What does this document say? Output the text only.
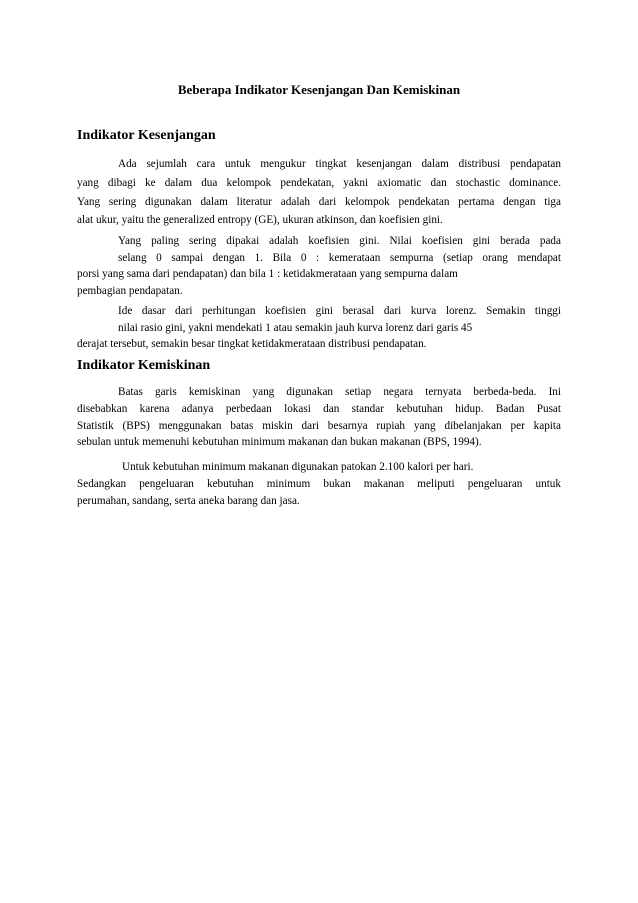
Beberapa Indikator Kesenjangan Dan Kemiskinan
Indikator Kesenjangan
Ada sejumlah cara untuk mengukur tingkat kesenjangan dalam distribusi pendapatan
yang dibagi ke dalam dua kelompok pendekatan, yakni axiomatic dan stochastic dominance.
Yang sering digunakan dalam literatur adalah dari kelompok pendekatan pertama dengan tiga
alat ukur, yaitu the generalized entropy (GE), ukuran atkinson, dan koefisien gini.
Yang paling sering dipakai adalah koefisien gini. Nilai koefisien gini berada pada
selang 0 sampai dengan 1. Bila 0 : kemerataan sempurna (setiap orang mendapat
porsi yang sama dari pendapatan) dan bila 1 : ketidakmerataan yang sempurna dalam
pembagian pendapatan.
Ide dasar dari perhitungan koefisien gini berasal dari kurva lorenz. Semakin tinggi
nilai rasio gini, yakni mendekati 1 atau semakin jauh kurva lorenz dari garis 45
derajat tersebut, semakin besar tingkat ketidakmerataan distribusi pendapatan.
Indikator Kemiskinan
Batas garis kemiskinan yang digunakan setiap negara ternyata berbeda-beda. Ini
disebabkan karena adanya perbedaan lokasi dan standar kebutuhan hidup. Badan Pusat
Statistik (BPS) menggunakan batas miskin dari besarnya rupiah yang dibelanjakan per kapita
sebulan untuk memenuhi kebutuhan minimum makanan dan bukan makanan (BPS, 1994).
Untuk kebutuhan minimum makanan digunakan patokan 2.100 kalori per hari.
Sedangkan pengeluaran kebutuhan minimum bukan makanan meliputi pengeluaran untuk
perumahan, sandang, serta aneka barang dan jasa.
